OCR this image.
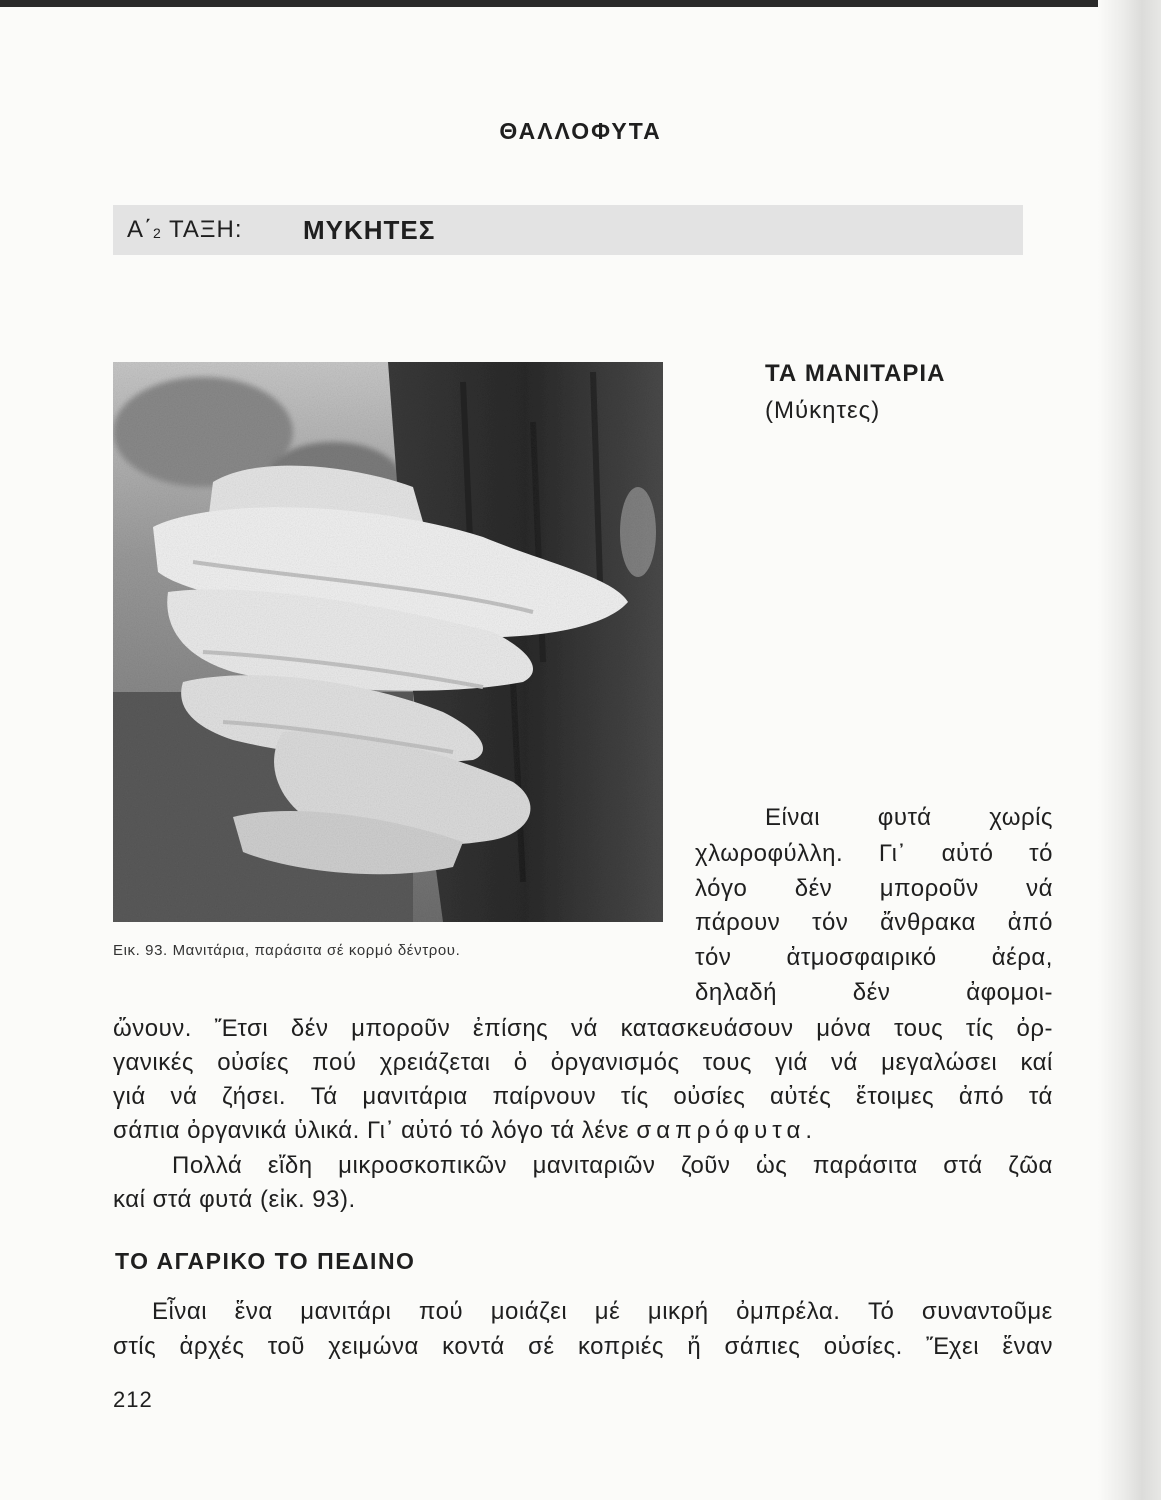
ΘΑΛΛΟΦΥΤΑ
$A΄_2$ ΤΑΞΗ: ΜΥΚΗΤΕΣ
Εικ. 93. Μανιτάρια, παράσιτα σέ κορμό δέντρου.
ΤΑ ΜΑΝΙΤΑΡΙΑ
(Μύκητες)
Είναι φυτά χωρίς
χλωροφύλλη. Γι᾽ αὐτό τό
λόγο δέν μποροῦν νά
πάρουν τόν ἄνθρακα ἀπό
τόν ἀτμοσφαιρικό ἀέρα,
δηλαδή	δέν	ἀφομοι-
ὤνουν. Ἔτσι δέν μποροῦν ἐπίσης νά κατασκευάσουν μόνα τους τίς ὀρ-
γανικές οὐσίες πού χρειάζεται ὁ ὀργανισμός τους γιά νά μεγαλώσει καί
γιά νά ζήσει. Τά μανιτάρια παίρνουν τίς οὐσίες αὐτές ἕτοιμες ἀπό τά
σάπια ὀργανικά ὑλικά. Γι᾽ αὐτό τό λόγο τά λένε σαπρόφυτα.
Πολλά εἴδη μικροσκοπικῶν μανιταριῶν ζοῦν ὡς παράσιτα στά ζῶα
καί στά φυτά (εἰκ. 93).
ΤΟ ΑΓΑΡΙΚΟ ΤΟ ΠΕΔΙΝΟ
Εἶναι ἕνα μανιτάρι πού μοιάζει μέ μικρή ὀμπρέλα. Τό συναντοῦμε
στίς ἀρχές τοῦ χειμώνα κοντά σέ κοπριές ἤ σάπιες οὐσίες. Ἔχει ἕναν
212
